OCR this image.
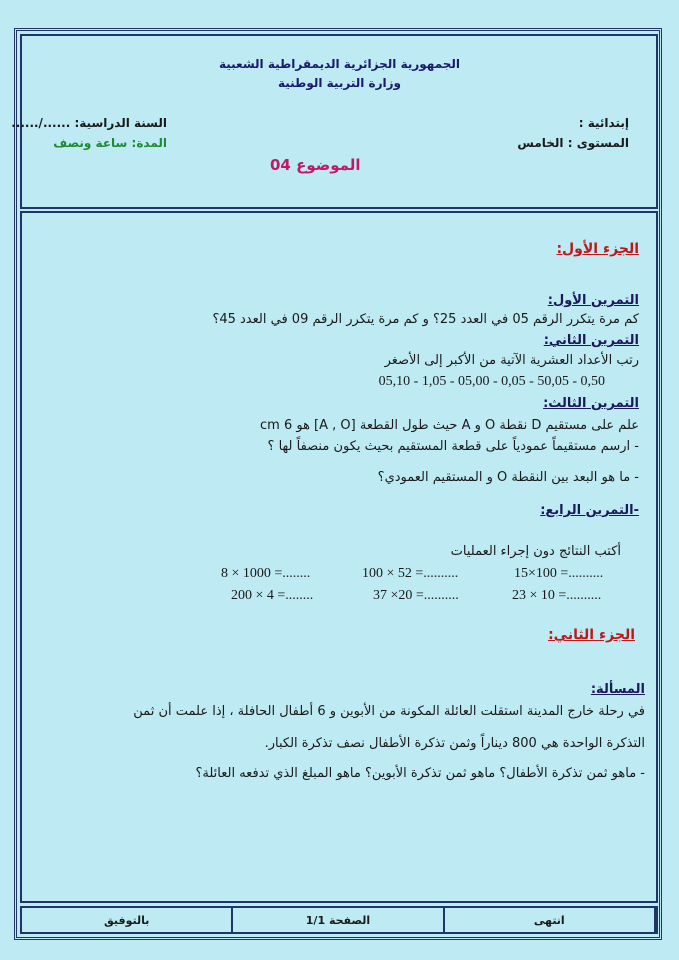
الجمهورية الجزائرية الديمقراطية الشعبية
وزارة التربية الوطنية
إبتدائية :
المستوى : الخامس
السنة الدراسية: ....../......
المدة: ساعة ونصف
الموضوع 04
الجزء الأول:
التمرين الأول:
كم مرة يتكرر الرقم 05 في العدد 25؟ و كم مرة يتكرر الرقم 09 في العدد 45؟
التمرين الثاني:
رتب الأعداد العشرية الآتية من الأكبر إلى الأصغر
0,50 - 50,05 - 0,05 - 05,00 - 1,05 - 05,10
التمرين الثالث:
علم على مستقيم D نقطة O و A حيث طول القطعة [A , O] هو 6 cm
- ارسم مستقيماً عمودياً على قطعة المستقيم بحيث يكون منصفاً لها ؟
- ما هو البعد بين النقطة O و المستقيم العمودي؟
-التمرين الرابع:
أكتب النتائج دون إجراء العمليات
15×100 =..........
100 × 52 =..........
8 × 1000 =........
23 × 10 =..........
37 ×20 =..........
200 × 4 =........
الجزء الثاني:
المسألة:
في رحلة خارج المدينة استقلت العائلة المكونة من الأبوين و 6 أطفال الحافلة ، إذا علمت أن ثمن
التذكرة الواحدة هي 800 ديناراً وثمن تذكرة الأطفال نصف تذكرة الكبار.
- ماهو ثمن تذكرة الأطفال؟ ماهو ثمن تذكرة الأبوين؟ ماهو المبلغ الذي تدفعه العائلة؟
بالتوفيق	الصفحة 1/1	انتهى
